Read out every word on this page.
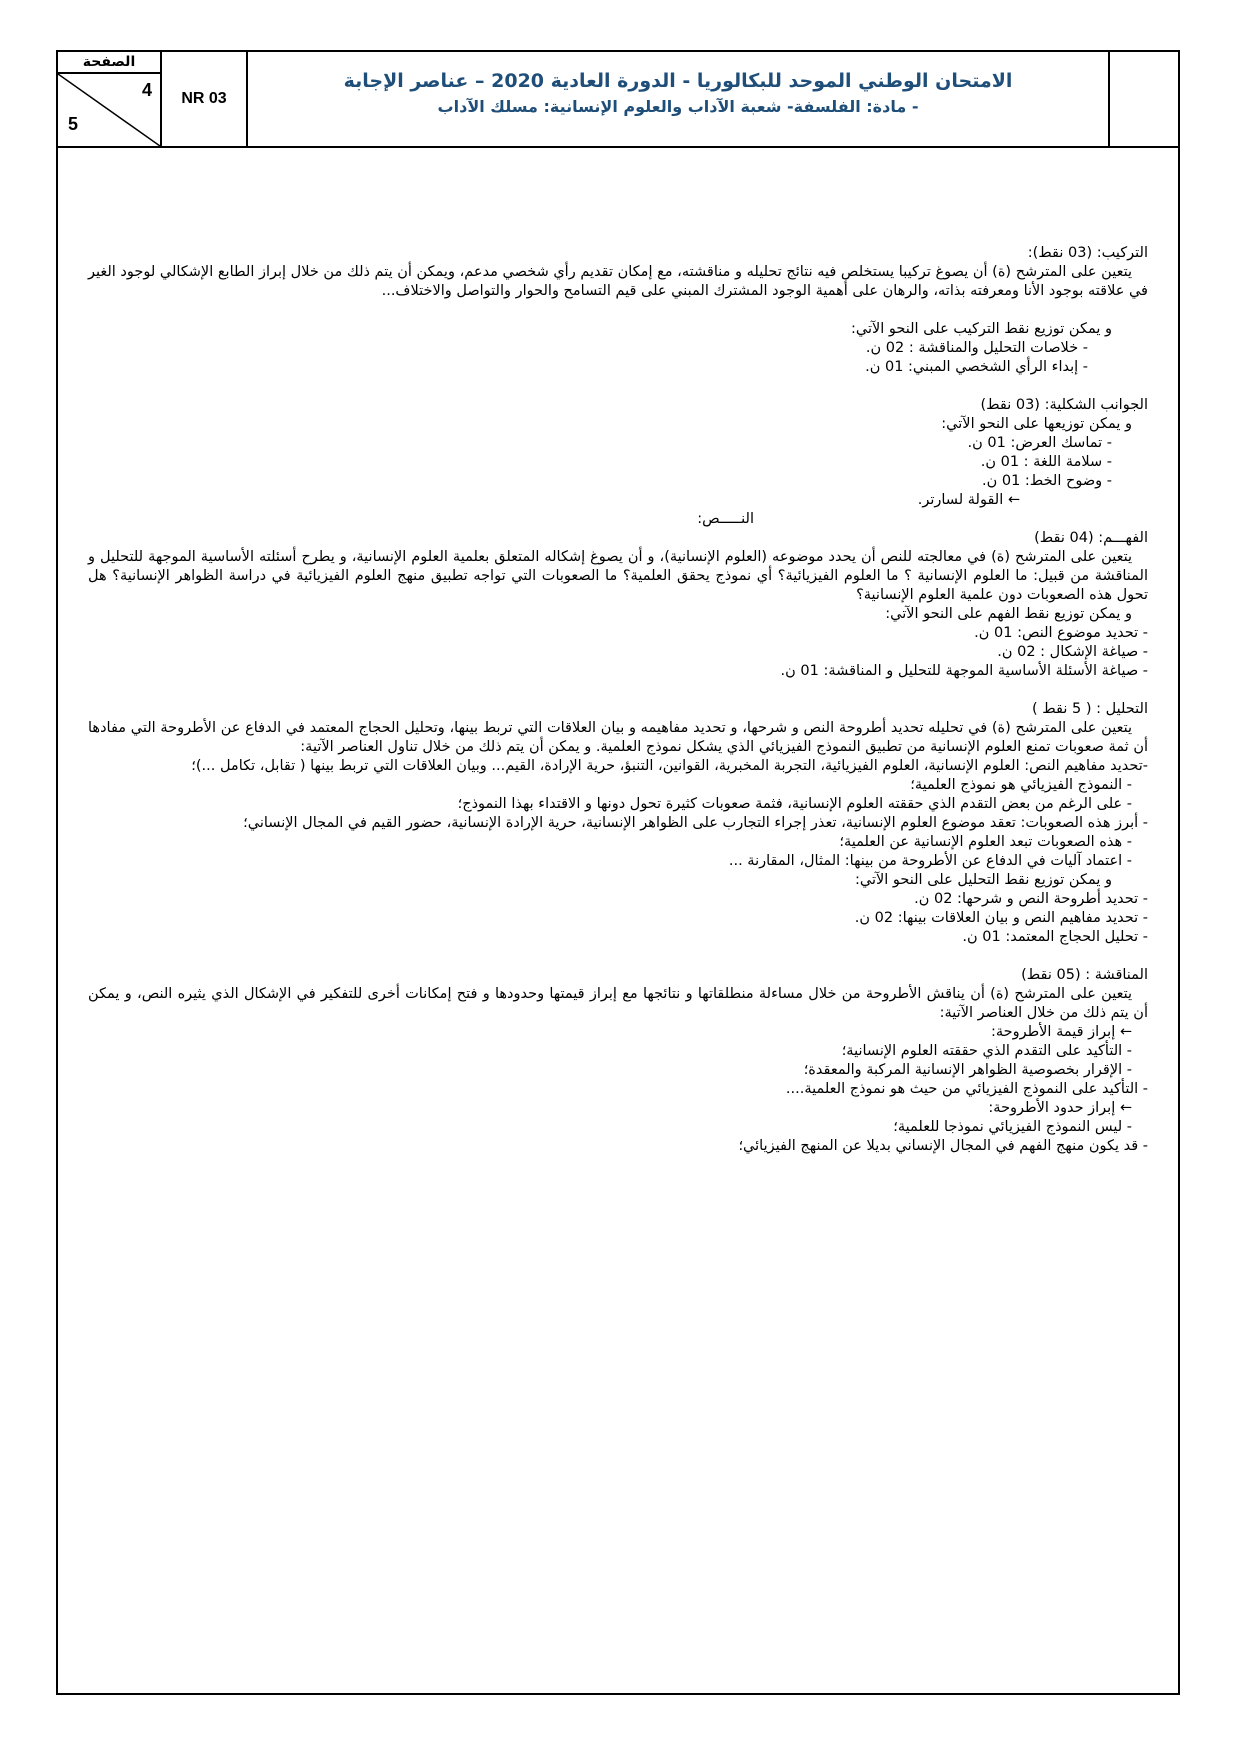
الصفحة
4
5
NR 03
الامتحان الوطني الموحد للبكالوريا - الدورة العادية 2020 – عناصر الإجابة
- مادة: الفلسفة- شعبة الآداب والعلوم الإنسانية: مسلك الآداب

التركيب: (03 نقط):

يتعين على المترشح (ة) أن يصوغ تركيبا يستخلص فيه نتائج تحليله و مناقشته، مع إمكان تقديم رأي شخصي مدعم، ويمكن أن يتم ذلك من خلال إبراز الطابع الإشكالي لوجود الغير في علاقته بوجود الأنا ومعرفته بذاته، والرهان على أهمية الوجود المشترك المبني على قيم التسامح والحوار والتواصل والاختلاف...

و يمكن توزيع نقط التركيب على النحو الآتي:

- خلاصات التحليل والمناقشة : 02 ن.

- إبداء الرأي الشخصي المبني: 01 ن.

الجوانب الشكلية: (03 نقط)

و يمكن توزيعها على النحو الآتي:

- تماسك العرض: 01 ن.

- سلامة اللغة : 01 ن.

- وضوح الخط: 01 ن.

← القولة لسارتر.

النـــــص:

الفهـــم: (04 نقط)

يتعين على المترشح (ة) في معالجته للنص أن يحدد موضوعه (العلوم الإنسانية)، و أن يصوغ إشكاله المتعلق بعلمية العلوم الإنسانية، و يطرح أسئلته الأساسية الموجهة للتحليل و المناقشة من قبيل: ما العلوم الإنسانية ؟ ما العلوم الفيزيائية؟ أي نموذج يحقق العلمية؟ ما الصعوبات التي تواجه تطبيق منهج العلوم الفيزيائية في دراسة الظواهر الإنسانية؟ هل تحول هذه الصعوبات دون علمية العلوم الإنسانية؟

و يمكن توزيع نقط الفهم على النحو الآتي:

- تحديد موضوع النص: 01 ن.

- صياغة الإشكال : 02 ن.

- صياغة الأسئلة الأساسية الموجهة للتحليل و المناقشة: 01 ن.

التحليل : ( 5 نقط )

يتعين على المترشح (ة) في تحليله تحديد أطروحة النص و شرحها، و تحديد مفاهيمه و بيان العلاقات التي تربط بينها، وتحليل الحجاج المعتمد في الدفاع عن الأطروحة التي مفادها أن ثمة صعوبات تمنع العلوم الإنسانية من تطبيق النموذج الفيزيائي الذي يشكل نموذج العلمية. و يمكن أن يتم ذلك من خلال تناول العناصر الآتية:

-تحديد مفاهيم النص: العلوم الإنسانية، العلوم الفيزيائية، التجربة المخبرية، القوانين، التنبؤ، حرية الإرادة، القيم... وبيان العلاقات التي تربط بينها ( تقابل، تكامل ...)؛

- النموذج الفيزيائي هو نموذج العلمية؛

- على الرغم من بعض التقدم الذي حققته العلوم الإنسانية، فثمة صعوبات كثيرة تحول دونها و الاقتداء بهذا النموذج؛

- أبرز هذه الصعوبات: تعقد موضوع العلوم الإنسانية، تعذر إجراء التجارب على الظواهر الإنسانية، حرية الإرادة الإنسانية، حضور القيم في المجال الإنساني؛

- هذه الصعوبات تبعد العلوم الإنسانية عن العلمية؛

- اعتماد آليات في الدفاع عن الأطروحة من بينها: المثال، المقارنة ...

و يمكن توزيع نقط التحليل على النحو الآتي:

- تحديد أطروحة النص و شرحها: 02 ن.

- تحديد مفاهيم النص و بيان العلاقات بينها: 02 ن.

- تحليل الحجاج المعتمد: 01 ن.

المناقشة : (05 نقط)

يتعين على المترشح (ة) أن يناقش الأطروحة من خلال مساءلة منطلقاتها و نتائجها مع إبراز قيمتها وحدودها و فتح إمكانات أخرى للتفكير في الإشكال الذي يثيره النص، و يمكن أن يتم ذلك من خلال العناصر الآتية:

← إبراز قيمة الأطروحة:

- التأكيد على التقدم الذي حققته العلوم الإنسانية؛

- الإقرار بخصوصية الظواهر الإنسانية المركبة والمعقدة؛

- التأكيد على النموذج الفيزيائي من حيث هو نموذج العلمية....

← إبراز حدود الأطروحة:

- ليس النموذج الفيزيائي نموذجا للعلمية؛

- قد يكون منهج الفهم في المجال الإنساني بديلا عن المنهج الفيزيائي؛
